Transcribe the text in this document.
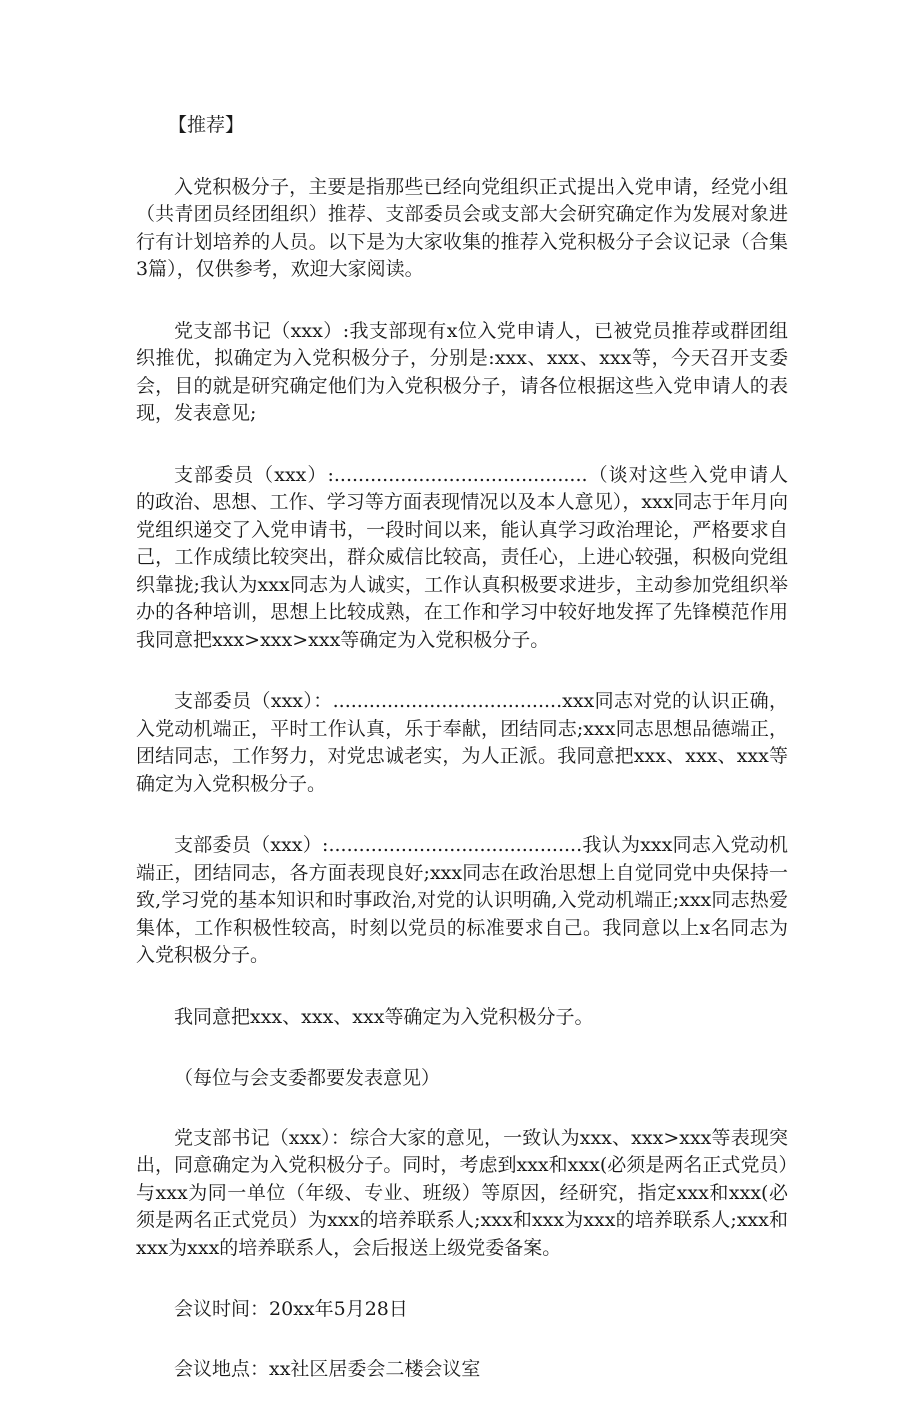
【推荐】

入党积极分子，主要是指那些已经向党组织正式提出入党申请，经党小组（共青团员经团组织）推荐、支部委员会或支部大会研究确定作为发展对象进行有计划培养的人员。以下是为大家收集的推荐入党积极分子会议记录（合集3篇），仅供参考，欢迎大家阅读。

党支部书记（xxx）:我支部现有x位入党申请人，已被党员推荐或群团组织推优，拟确定为入党积极分子，分别是:xxx、xxx、xxx等，今天召开支委会，目的就是研究确定他们为入党积极分子，请各位根据这些入党申请人的表现，发表意见;

支部委员（xxx）:..........................................（谈对这些入党申请人的政治、思想、工作、学习等方面表现情况以及本人意见），xxx同志于年月向党组织递交了入党申请书，一段时间以来，能认真学习政治理论，严格要求自己，工作成绩比较突出，群众威信比较高，责任心，上进心较强，积极向党组织靠拢;我认为xxx同志为人诚实，工作认真积极要求进步，主动参加党组织举办的各种培训，思想上比较成熟，在工作和学习中较好地发挥了先锋模范作用我同意把xxx>xxx>xxx等确定为入党积极分子。

支部委员（xxx）：......................................xxx同志对党的认识正确，入党动机端正，平时工作认真，乐于奉献，团结同志;xxx同志思想品德端正，团结同志，工作努力，对党忠诚老实，为人正派。我同意把xxx、xxx、xxx等确定为入党积极分子。

支部委员（xxx）:..........................................我认为xxx同志入党动机端正，团结同志，各方面表现良好;xxx同志在政治思想上自觉同党中央保持一致,学习党的基本知识和时事政治,对党的认识明确,入党动机端正;xxx同志热爱集体，工作积极性较高，时刻以党员的标准要求自己。我同意以上x名同志为入党积极分子。

我同意把xxx、xxx、xxx等确定为入党积极分子。

（每位与会支委都要发表意见）

党支部书记（xxx）：综合大家的意见，一致认为xxx、xxx>xxx等表现突出，同意确定为入党积极分子。同时，考虑到xxx和xxx(必须是两名正式党员）与xxx为同一单位（年级、专业、班级）等原因，经研究，指定xxx和xxx(必须是两名正式党员）为xxx的培养联系人;xxx和xxx为xxx的培养联系人;xxx和xxx为xxx的培养联系人，会后报送上级党委备案。

会议时间：20xx年5月28日

会议地点：xx社区居委会二楼会议室
